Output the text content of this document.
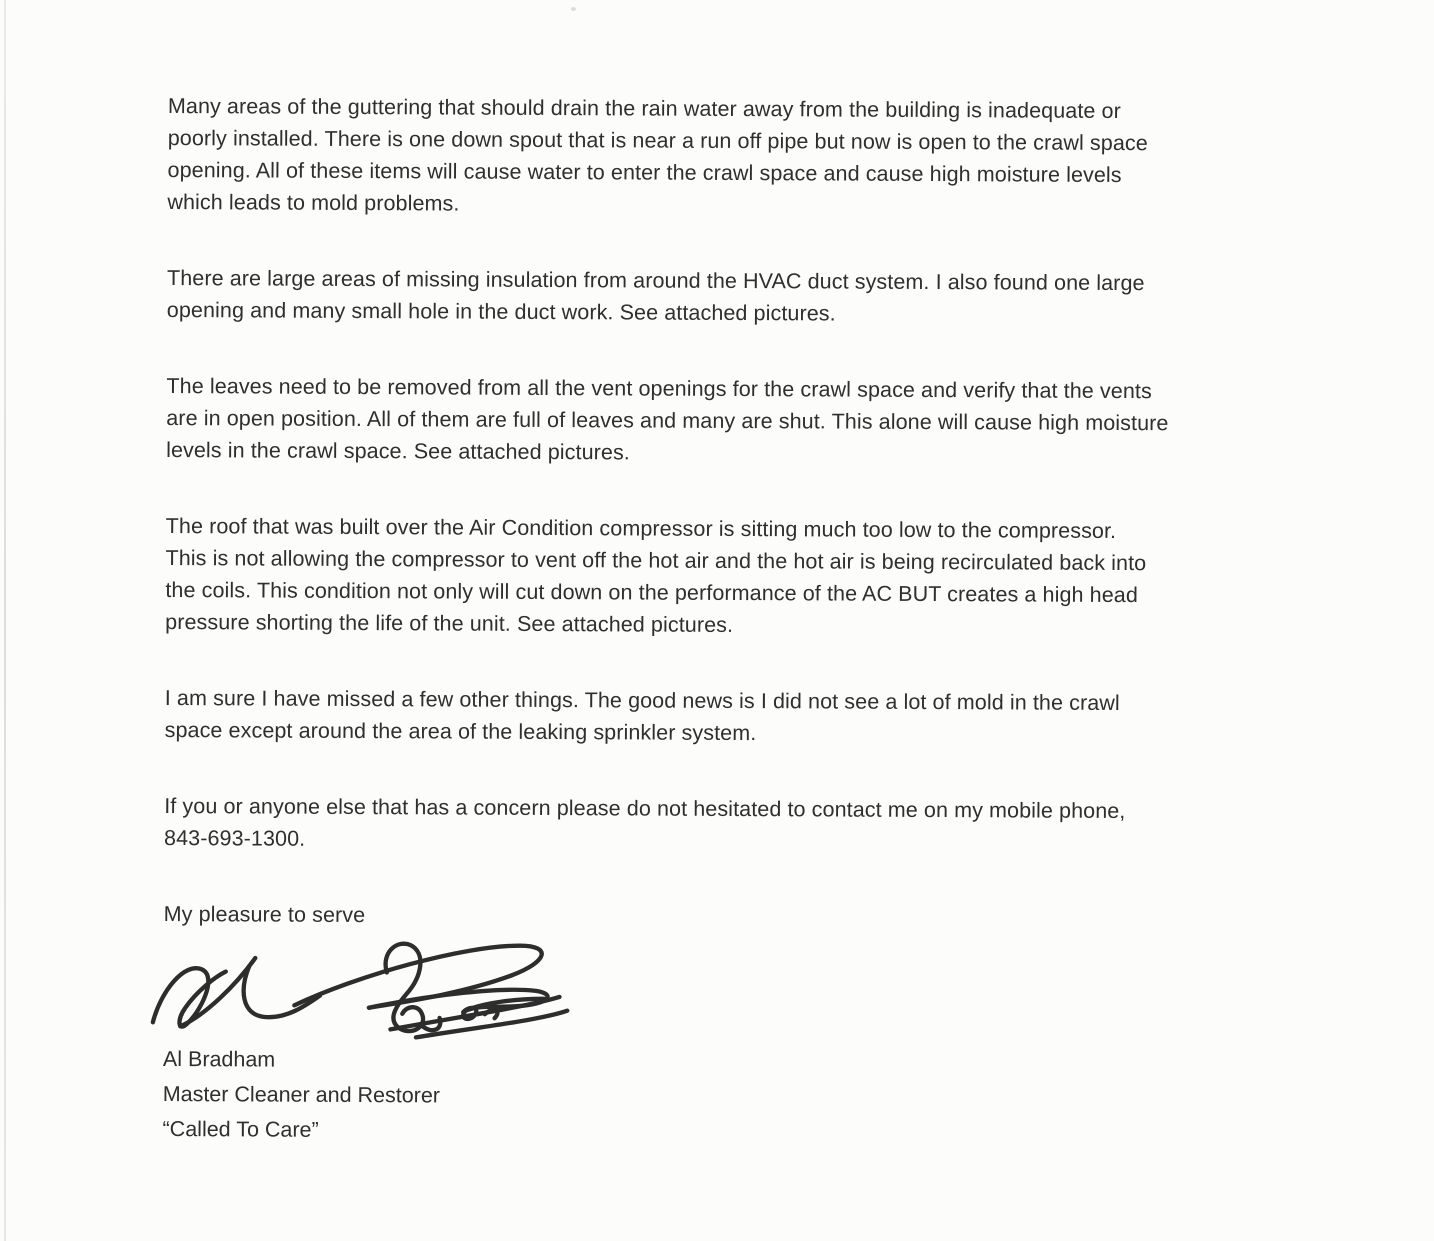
Many areas of the guttering that should drain the rain water away from the building is inadequate or
poorly installed. There is one down spout that is near a run off pipe but now is open to the crawl space
opening. All of these items will cause water to enter the crawl space and cause high moisture levels
which leads to mold problems.

There are large areas of missing insulation from around the HVAC duct system. I also found one large
opening and many small hole in the duct work. See attached pictures.

The leaves need to be removed from all the vent openings for the crawl space and verify that the vents
are in open position. All of them are full of leaves and many are shut. This alone will cause high moisture
levels in the crawl space. See attached pictures.

The roof that was built over the Air Condition compressor is sitting much too low to the compressor.
This is not allowing the compressor to vent off the hot air and the hot air is being recirculated back into
the coils. This condition not only will cut down on the performance of the AC BUT creates a high head
pressure shorting the life of the unit. See attached pictures.

I am sure I have missed a few other things. The good news is I did not see a lot of mold in the crawl
space except around the area of the leaking sprinkler system.

If you or anyone else that has a concern please do not hesitated to contact me on my mobile phone,
843-693-1300.

My pleasure to serve

Al Bradham
Master Cleaner and Restorer
“Called To Care”
